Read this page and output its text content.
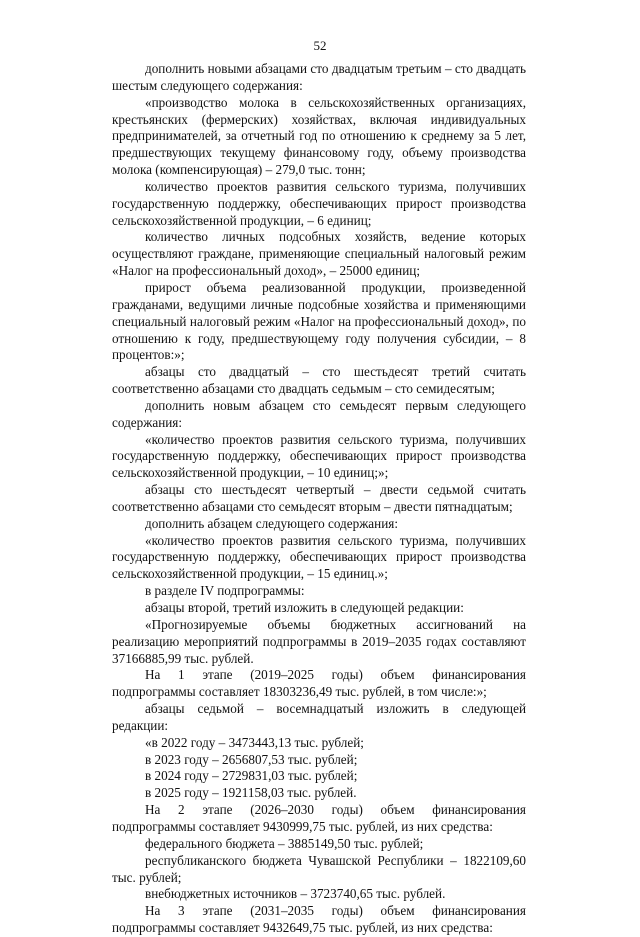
52

дополнить новыми абзацами сто двадцатым третьим – сто двадцать шестым следующего содержания:

«производство молока в сельскохозяйственных организациях, крестьянских (фермерских) хозяйствах, включая индивидуальных предпринимателей, за отчетный год по отношению к среднему за 5 лет, предшествующих текущему финансовому году, объему производства молока (компенсирующая) – 279,0 тыс. тонн;

количество проектов развития сельского туризма, получивших государственную поддержку, обеспечивающих прирост производства сельскохозяйственной продукции, – 6 единиц;

количество личных подсобных хозяйств, ведение которых осуществляют граждане, применяющие специальный налоговый режим «Налог на профессиональный доход», – 25000 единиц;

прирост объема реализованной продукции, произведенной гражданами, ведущими личные подсобные хозяйства и применяющими специальный налоговый режим «Налог на профессиональный доход», по отношению к году, предшествующему году получения субсидии, – 8 процентов:»;

абзацы сто двадцатый – сто шестьдесят третий считать соответственно абзацами сто двадцать седьмым – сто семидесятым;

дополнить новым абзацем сто семьдесят первым следующего содержания:

«количество проектов развития сельского туризма, получивших государственную поддержку, обеспечивающих прирост производства сельскохозяйственной продукции, – 10 единиц;»;

абзацы сто шестьдесят четвертый – двести седьмой считать соответственно абзацами сто семьдесят вторым – двести пятнадцатым;

дополнить абзацем следующего содержания:

«количество проектов развития сельского туризма, получивших государственную поддержку, обеспечивающих прирост производства сельскохозяйственной продукции, – 15 единиц.»;

в разделе IV подпрограммы:

абзацы второй, третий изложить в следующей редакции:

«Прогнозируемые объемы бюджетных ассигнований на реализацию мероприятий подпрограммы в 2019–2035 годах составляют 37166885,99 тыс. рублей.

На 1 этапе (2019–2025 годы) объем финансирования подпрограммы составляет 18303236,49 тыс. рублей, в том числе:»;

абзацы седьмой – восемнадцатый изложить в следующей редакции:

«в 2022 году – 3473443,13 тыс. рублей;

в 2023 году – 2656807,53 тыс. рублей;

в 2024 году – 2729831,03 тыс. рублей;

в 2025 году – 1921158,03 тыс. рублей.

На 2 этапе (2026–2030 годы) объем финансирования подпрограммы составляет 9430999,75 тыс. рублей, из них средства:

федерального бюджета – 3885149,50 тыс. рублей;

республиканского бюджета Чувашской Республики – 1822109,60 тыс. рублей;

внебюджетных источников – 3723740,65 тыс. рублей.

На 3 этапе (2031–2035 годы) объем финансирования подпрограммы составляет 9432649,75 тыс. рублей, из них средства:
